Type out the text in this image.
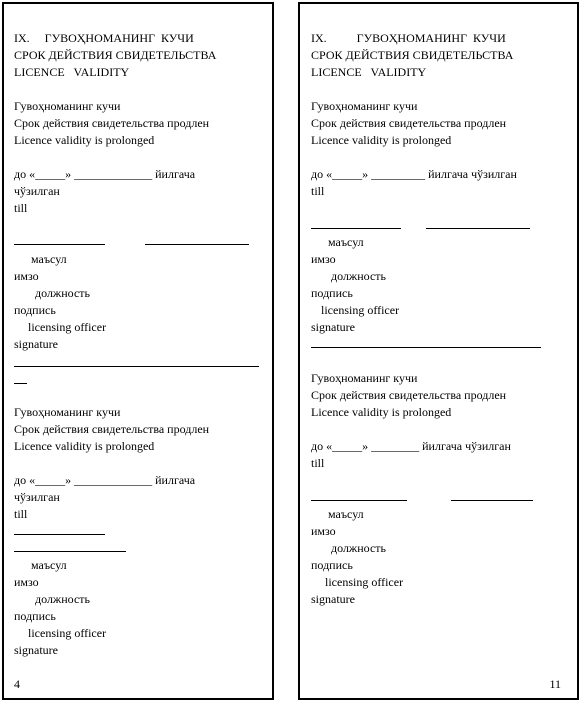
IX.     ГУВОҲНОМАНИНГ  КУЧИ
СРОК ДЕЙСТВИЯ СВИДЕТЕЛЬСТВА
LICENCE   VALIDITY
Гувоҳноманинг кучи
Срок действия свидетельства продлен
Licence validity is prolonged
до «_____» _____________ йилгача
чўзилган
till
маъсул
имзо
должность
подпись
licensing officer
signature
Гувоҳноманинг кучи
Срок действия свидетельства продлен
Licence validity is prolonged
до «_____» _____________ йилгача
чўзилган
till
маъсул
имзо
должность
подпись
licensing officer
signature
4
IX.          ГУВОҲНОМАНИНГ  КУЧИ
СРОК ДЕЙСТВИЯ СВИДЕТЕЛЬСТВА
LICENCE   VALIDITY
Гувоҳноманинг кучи
Срок действия свидетельства продлен
Licence validity is prolonged
до «_____» _________ йилгача чўзилган
till
маъсул
имзо
должность
подпись
licensing officer
signature
Гувоҳноманинг кучи
Срок действия свидетельства продлен
Licence validity is prolonged
до «_____» ________ йилгача чўзилган
till
маъсул
имзо
должность
подпись
licensing officer
signature
11
